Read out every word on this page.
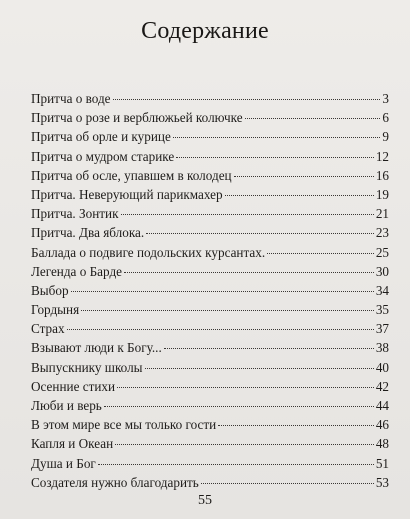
Содержание
Притча о воде	3
Притча о розе и верблюжьей колючке	6
Притча об орле и курице	9
Притча о мудром старике	12
Притча об осле, упавшем в колодец	16
Притча. Неверующий парикмахер	19
Притча. Зонтик	21
Притча. Два яблока.	23
Баллада о подвиге подольских курсантах.	25
Легенда о Барде	30
Выбор	34
Гордыня	35
Страх	37
Взывают люди к Богу...	38
Выпускнику школы	40
Осенние стихи	42
Люби и верь	44
В этом мире все мы только гости	46
Капля и Океан	48
Душа и Бог	51
Создателя нужно благодарить	53
55
